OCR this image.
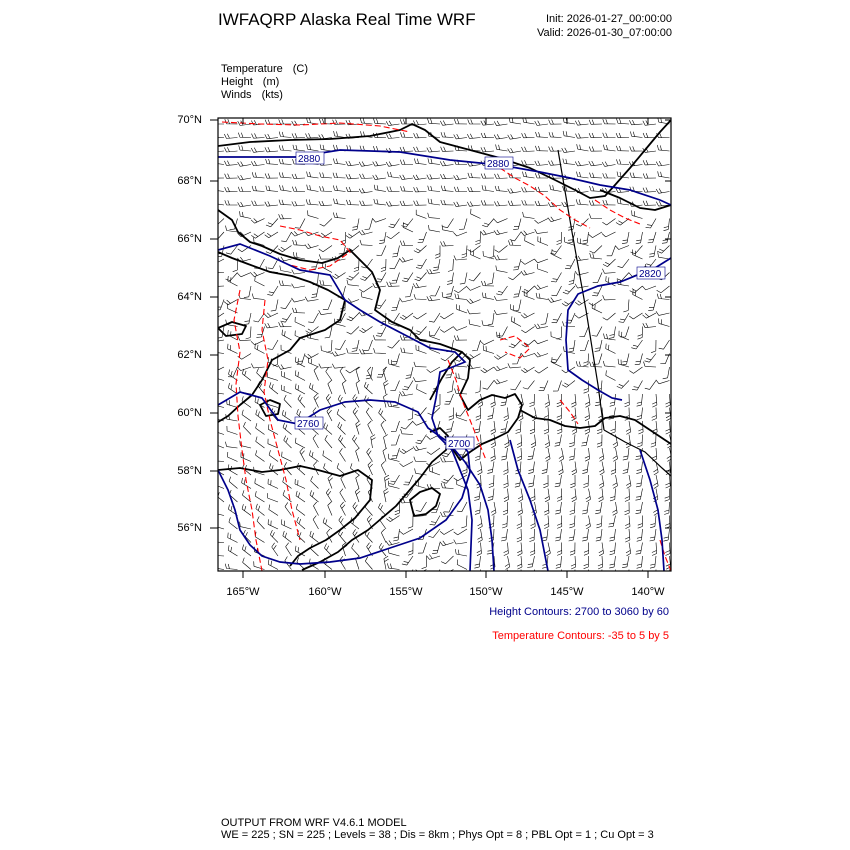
IWFAQRP Alaska Real Time WRF	Init: 2026-01-27_00:00:00
Valid: 2026-01-30_07:00:00
Temperature (C)
Height (m)
Winds (kts)
2880	2880
2820
2760
2700
70°N
68°N
66°N
64°N
62°N
60°N
58°N
56°N
165°W	160°W	155°W	150°W	145°W	140°W
Height Contours: 2700 to 3060 by 60
Temperature Contours: -35 to 5 by 5
OUTPUT FROM WRF V4.6.1 MODEL
WE = 225 ; SN = 225 ; Levels = 38 ; Dis = 8km ; Phys Opt = 8 ; PBL Opt = 1 ; Cu Opt = 3
